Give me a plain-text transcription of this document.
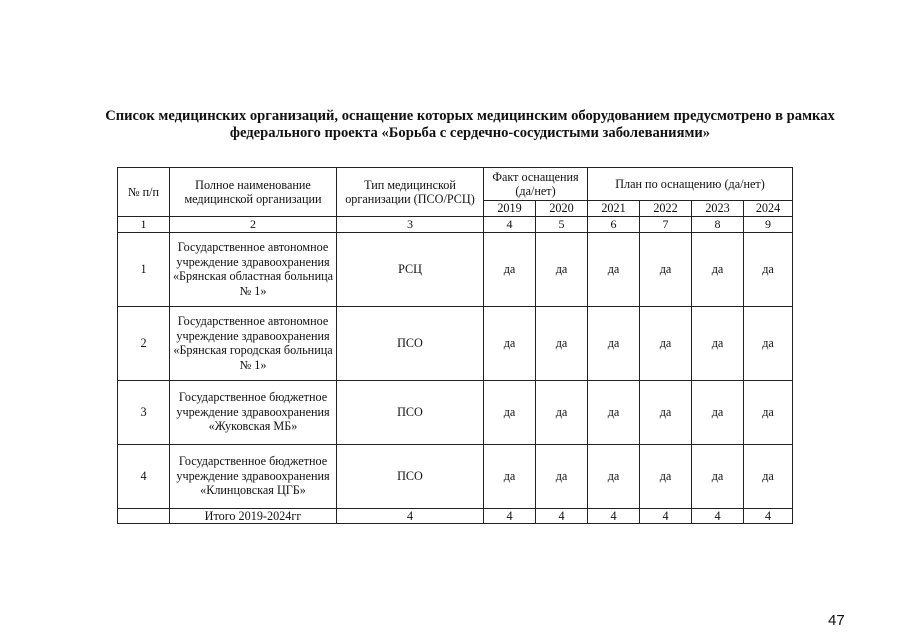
Список медицинских организаций, оснащение которых медицинским оборудованием предусмотрено в рамках
федерального проекта «Борьба с сердечно-сосудистыми заболеваниями»
№ п/п	Полное наименование медицинской организации	Тип медицинской организации (ПСО/РСЦ)	Факт оснащения (да/нет)		План по оснащению (да/нет)			
			2019	2020	2021	2022	2023	2024
1	2	3	4	5	6	7	8	9
1	Государственное автономное учреждение здравоохранения «Брянская областная больница № 1»	РСЦ	да	да	да	да	да	да
2	Государственное автономное учреждение здравоохранения «Брянская городская больница № 1»	ПСО	да	да	да	да	да	да
3	Государственное бюджетное учреждение здравоохранения «Жуковская МБ»	ПСО	да	да	да	да	да	да
4	Государственное бюджетное учреждение здравоохранения «Клинцовская ЦГБ»	ПСО	да	да	да	да	да	да
	Итого 2019-2024гг	4	4	4	4	4	4	4
47
